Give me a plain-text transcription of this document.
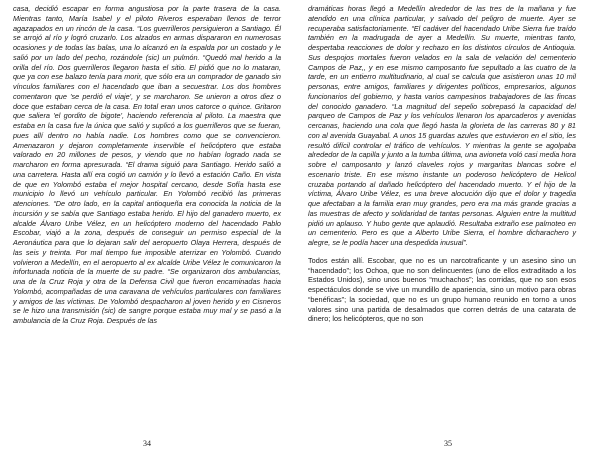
casa, decidió escapar en forma angustiosa por la parte trasera de la casa. Mientras tanto, María Isabel y el piloto Riveros esperaban llenos de terror agazapados en un rincón de la casa. “Los guerrilleros persiguieron a Santiago. Él se arrojó al río y logró cruzarlo. Los alzados en armas dispararon en numerosas ocasiones y de todas las balas, una lo alcanzó en la espalda por un costado y le salió por un lado del pecho, rozándole (sic) un pulmón. “Quedó mal herido a la orilla del río. Dos guerrilleros llegaron hasta el sitio. El pidió que no lo mataran, que ya con ese balazo tenía para morir, que sólo era un comprador de ganado sin vínculos familiares con el hacendado que iban a secuestrar. Los dos hombres comentaron que 'se perdió el viaje', y se marcharon. Se unieron a otros diez o doce que estaban cerca de la casa. En total eran unos catorce o quince. Gritaron que saliera 'el gordito de bigote', haciendo referencia al piloto. La maestra que estaba en la casa fue la única que salió y suplicó a los guerrilleros que se fueran, pues allí dentro no había nadie. Los hombres como que se convencieron. Amenazaron y dejaron completamente inservible el helicóptero que estaba valorado en 20 millones de pesos, y viendo que no habían logrado nada se marcharon en forma apresurada. “El drama siguió para Santiago. Herido salió a una carretera. Hasta allí era cogió un camión y lo llevó a estación Caño. En vista de que en Yolombó estaba el mejor hospital cercano, desde Sofía hasta ese municipio lo llevó un vehículo particular. En Yolombó recibió las primeras atenciones. “De otro lado, en la capital antioqueña era conocida la noticia de la incursión y se sabía que Santiago estaba herido. El hijo del ganadero muerto, ex alcalde Álvaro Uribe Vélez, en un helicóptero moderno del hacendado Pablo Escobar, viajó a la zona, después de conseguir un permiso especial de la Aeronáutica para que lo dejaran salir del aeropuerto Olaya Herrera, después de las seis y treinta. Por mal tiempo fue imposible aterrizar en Yolombó. Cuando volvieron a Medellín, en el aeropuerto al ex alcalde Uribe Vélez le comunicaron la infortunada noticia de la muerte de su padre. “Se organizaron dos ambulancias, una de la Cruz Roja y otra de la Defensa Civil que fueron encaminadas hacia Yolombó, acompañadas de una caravana de vehículos particulares con familiares y amigos de las víctimas. De Yolombó despacharon al joven herido y en Cisneros se le hizo una transmisión (sic) de sangre porque estaba muy mal y se pasó a la ambulancia de la Cruz Roja. Después de las

34

dramáticas horas llegó a Medellín alrededor de las tres de la mañana y fue atendido en una clínica particular, y salvado del peligro de muerte. Ayer se recuperaba satisfactoriamente. “El cadáver del hacendado Uribe Sierra fue traído también en la madrugada de ayer a Medellín. Su muerte, mientras tanto, despertaba reacciones de dolor y rechazo en los distintos círculos de Antioquia. Sus despojos mortales fueron velados en la sala de velación del cementerio Campos de Paz,, y en ese mismo camposanto fue sepultado a las cuatro de la tarde, en un entierro multitudinario, al cual se calcula que asistieron unas 10 mil personas, entre amigos, familiares y dirigentes políticos, empresarios, algunos funcionarios del gobierno, y hasta varios campesinos trabajadores de las fincas del conocido ganadero. “La magnitud del sepelio sobrepasó la capacidad del parqueo de Campos de Paz y los vehículos llenaron los aparcaderos y avenidas cercanas, haciendo una cola que llegó hasta la glorieta de las carreras 80 y 81 con al avenida Guayabal. A unos 15 guardas azules que estuvieron en el sitio, les resultó difícil controlar el tráfico de vehículos. Y mientras la gente se agolpaba alrededor de la capilla y junto a la tumba última, una avioneta voló casi media hora sobre el camposanto y lanzó claveles rojos y margaritas blancas sobre el escenario triste. En ese mismo instante un poderoso helicóptero de Helicol cruzaba portando al dañado helicóptero del hacendado muerto. Y el hijo de la víctima, Álvaro Uribe Vélez, es una breve alocución dijo que el dolor y tragedia que afectaban a la familia eran muy grandes, pero era ma más grande gracias a las muestras de afecto y solidaridad de tantas personas. Alguien entre la multitud pidió un aplauso. Y hubo gente que aplaudió. Resultaba extraño ese palmoteo en un cementerio. Pero es que a Alberto Uribe Sierra, el hombre dicharachero y alegre, se le podía hacer una despedida inusual”.

Todos están allí. Escobar, que no es un narcotraficante y un asesino sino un “hacendado”; los Ochoa, que no son delincuentes (uno de ellos extraditado a los Estados Unidos), sino unos buenos “muchachos”; las corridas, que no son esos espectáculos donde se vive un mundillo de apariencia, sino un motivo para obras “benéficas”; la sociedad, que no es un grupo humano reunido en torno a unos valores sino una partida de desalmados que corren detrás de una catarata de dinero; los helicópteros, que no son

35
